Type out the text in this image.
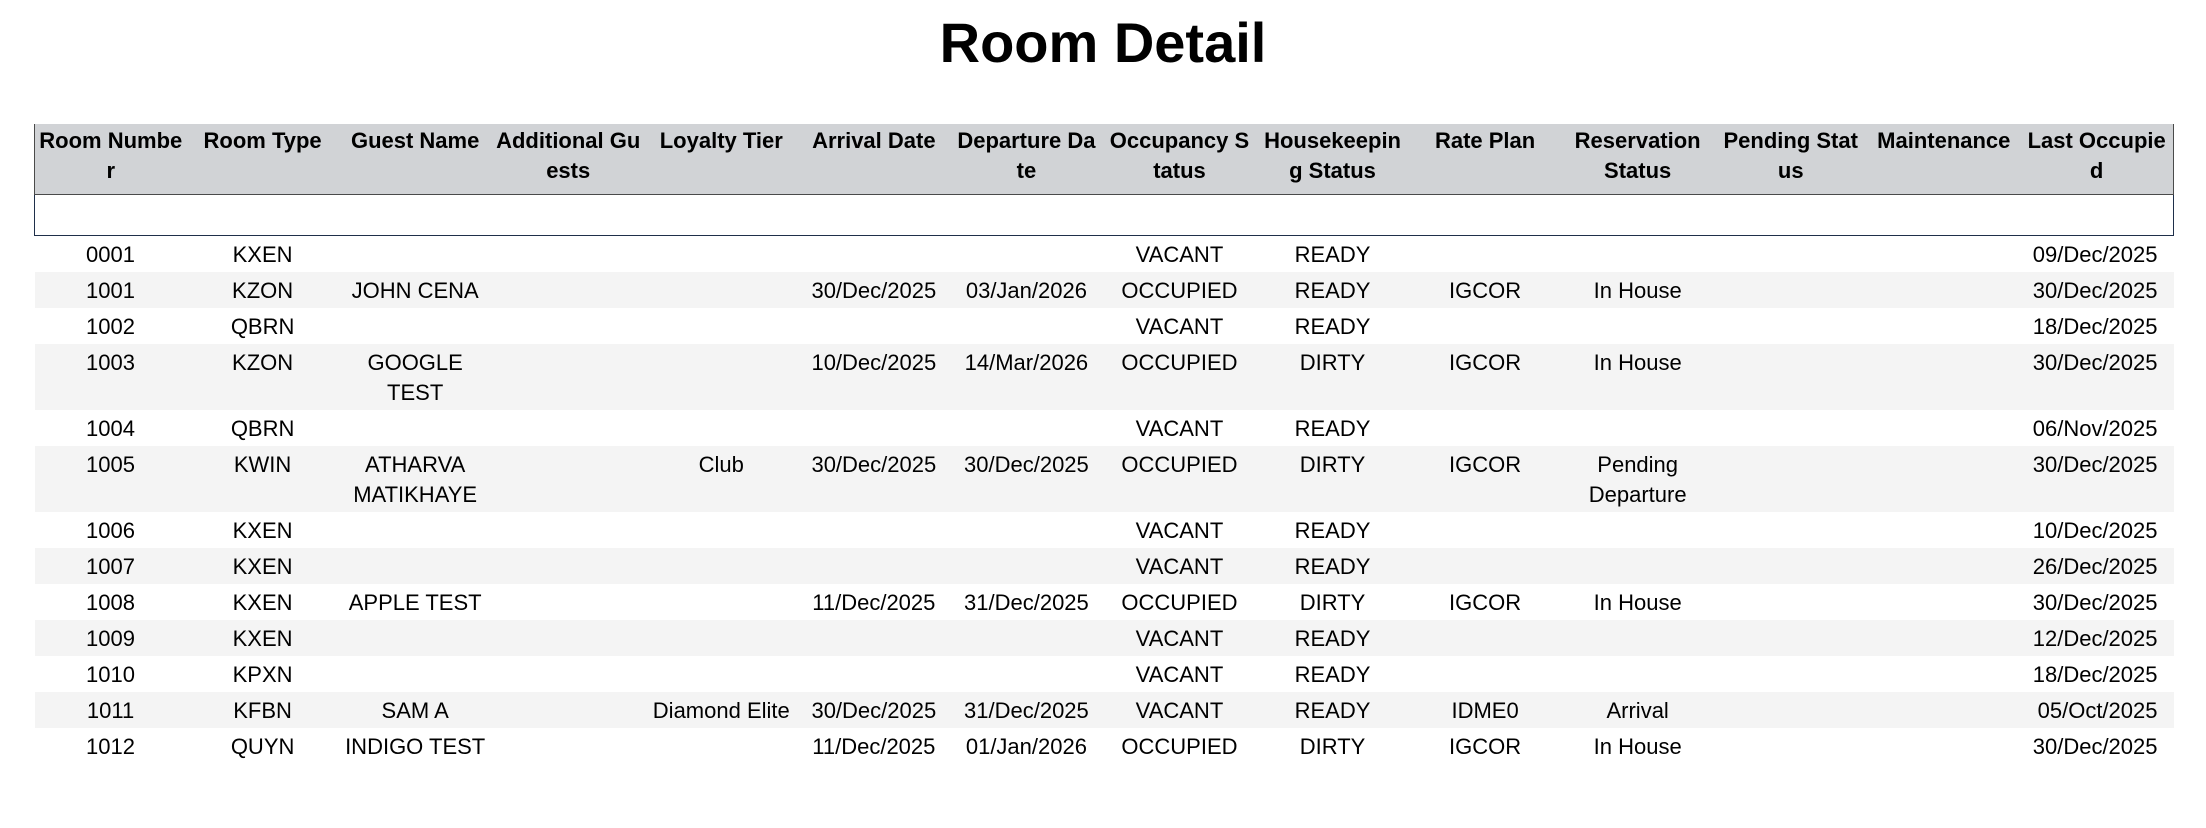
Room Detail
Room Detail													
Room Number	Room Type	Guest Name	Additional Guests	Loyalty Tier	Arrival Date	Departure Date	Occupancy Status	Housekeeping Status	Rate Plan	Reservation Status	Pending Status	Maintenance	Last Occupied
0001	KXEN						VACANT	READY					09/Dec/2025
1001	KZON	JOHN CENA			30/Dec/2025	03/Jan/2026	OCCUPIED	READY	IGCOR	In House			30/Dec/2025
1002	QBRN						VACANT	READY					18/Dec/2025
1003	KZON	GOOGLE TEST			10/Dec/2025	14/Mar/2026	OCCUPIED	DIRTY	IGCOR	In House			30/Dec/2025
1004	QBRN						VACANT	READY					06/Nov/2025
1005	KWIN	ATHARVA MATIKHAYE		Club	30/Dec/2025	30/Dec/2025	OCCUPIED	DIRTY	IGCOR	Pending Departure			30/Dec/2025
1006	KXEN						VACANT	READY					10/Dec/2025
1007	KXEN						VACANT	READY					26/Dec/2025
1008	KXEN	APPLE TEST			11/Dec/2025	31/Dec/2025	OCCUPIED	DIRTY	IGCOR	In House			30/Dec/2025
1009	KXEN						VACANT	READY					12/Dec/2025
1010	KPXN						VACANT	READY					18/Dec/2025
1011	KFBN	SAM A		Diamond Elite	30/Dec/2025	31/Dec/2025	VACANT	READY	IDME0	Arrival			05/Oct/2025
1012	QUYN	INDIGO TEST			11/Dec/2025	01/Jan/2026	OCCUPIED	DIRTY	IGCOR	In House			30/Dec/2025
